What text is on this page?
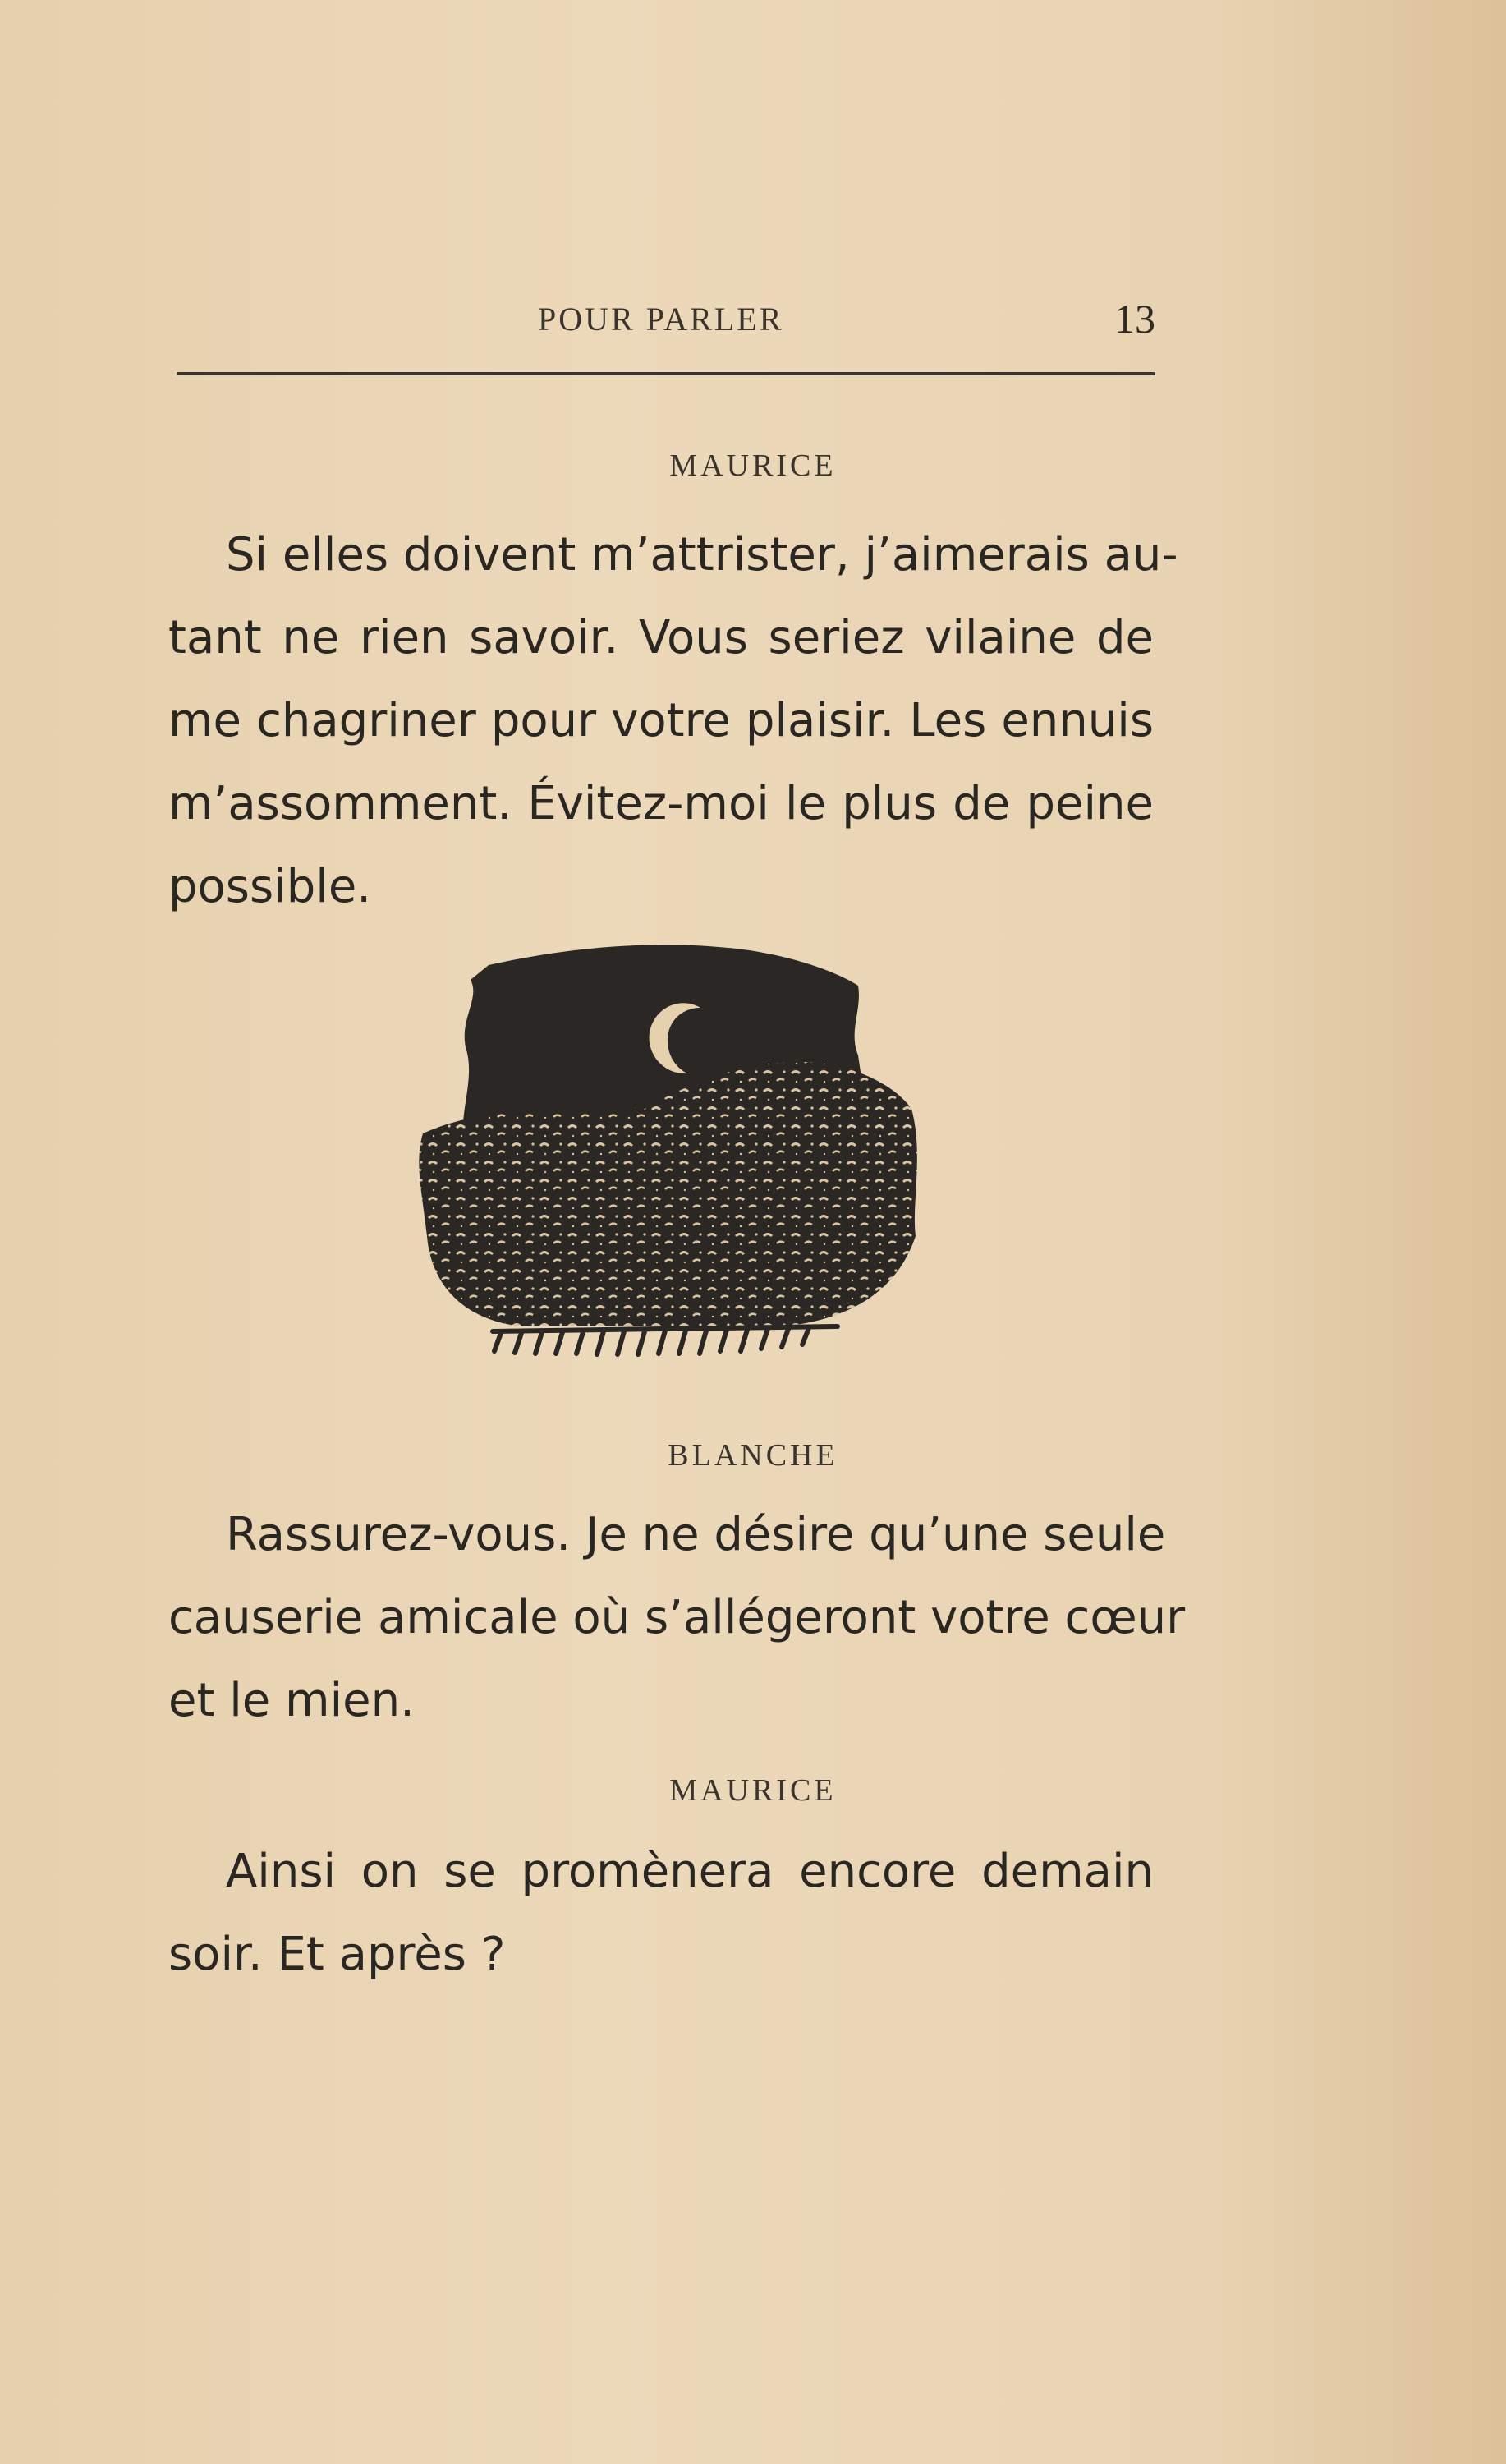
POUR PARLER	13
MAURICE

Si elles doivent m’attrister, j’aimerais au-
tant ne rien savoir. Vous seriez vilaine de
me chagriner pour votre plaisir. Les ennuis
m’assomment. Évitez-moi le plus de peine
possible.

BLANCHE

Rassurez-vous. Je ne désire qu’une seule
causerie amicale où s’allégeront votre cœur
et le mien.

MAURICE

Ainsi on se promènera encore demain
soir. Et après ?
